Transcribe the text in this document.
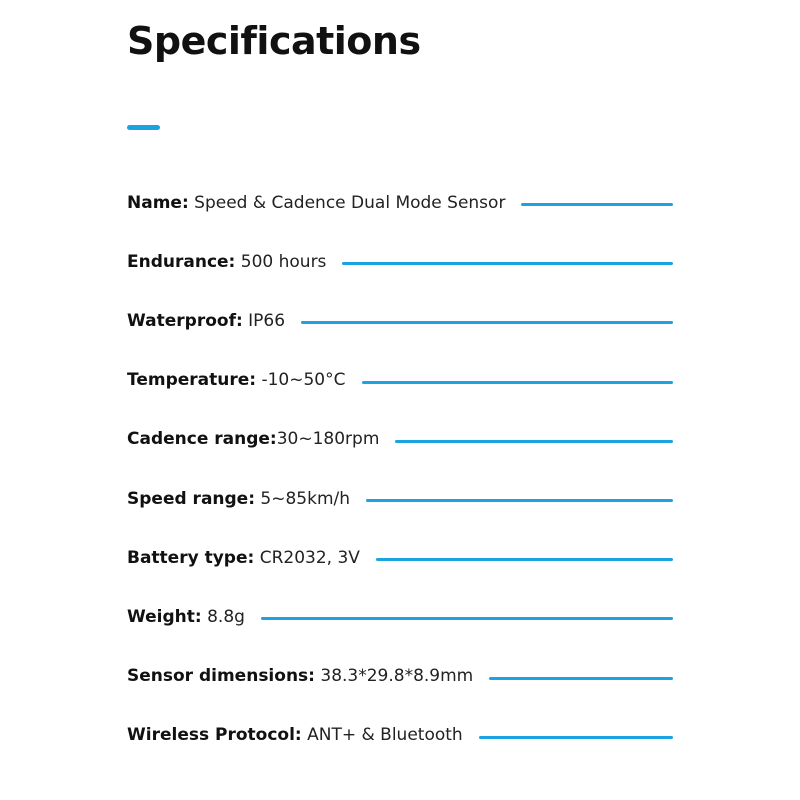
Specifications
Name: Speed & Cadence Dual Mode Sensor
Endurance: 500 hours
Waterproof: IP66
Temperature: -10~50°C
Cadence range:30~180rpm
Speed range: 5~85km/h
Battery type: CR2032, 3V
Weight: 8.8g
Sensor dimensions: 38.3*29.8*8.9mm
Wireless Protocol: ANT+ & Bluetooth
